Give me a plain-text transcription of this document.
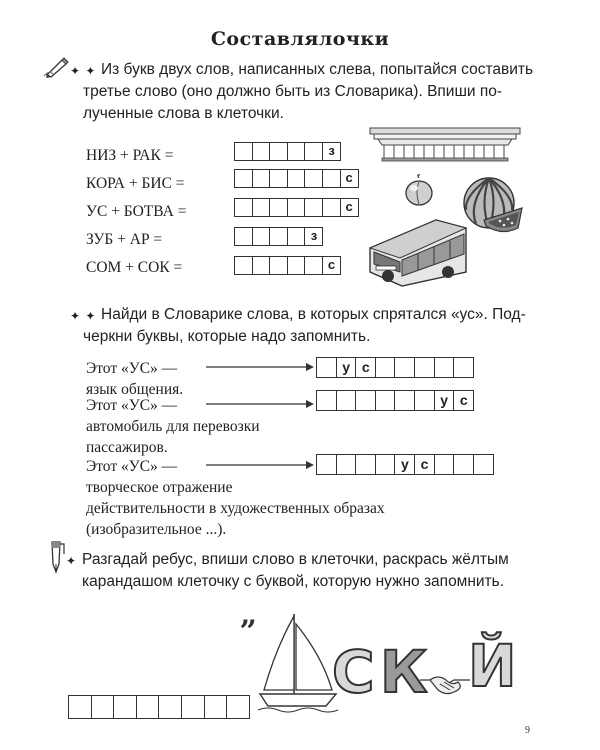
Составлялочки
✦ ✦ Из букв двух слов, написанных слева, попытайся составить
третье слово (оно должно быть из Словарика). Впиши по-
лученные слова в клеточки.
НИЗ + РАК =
КОРА + БИС =
УС + БОТВА =
ЗУБ + АР =
СОМ + СОК =
з
с
с
з
с
✦ ✦ Найди в Словарике слова, в которых спрятался «ус». Под-
черкни буквы, которые надо запомнить.
Этот «УС» —
язык общения.
у с
Этот «УС» —
автомобиль для перевозки
пассажиров.
у с
Этот «УС» —
творческое отражение
действительности в художественных образах
(изобразительное ...).
у с
✦ Разгадай ребус, впиши слово в клеточки, раскрась жёлтым
карандашом клеточку с буквой, которую нужно запомнить.
„
С К Й
9
